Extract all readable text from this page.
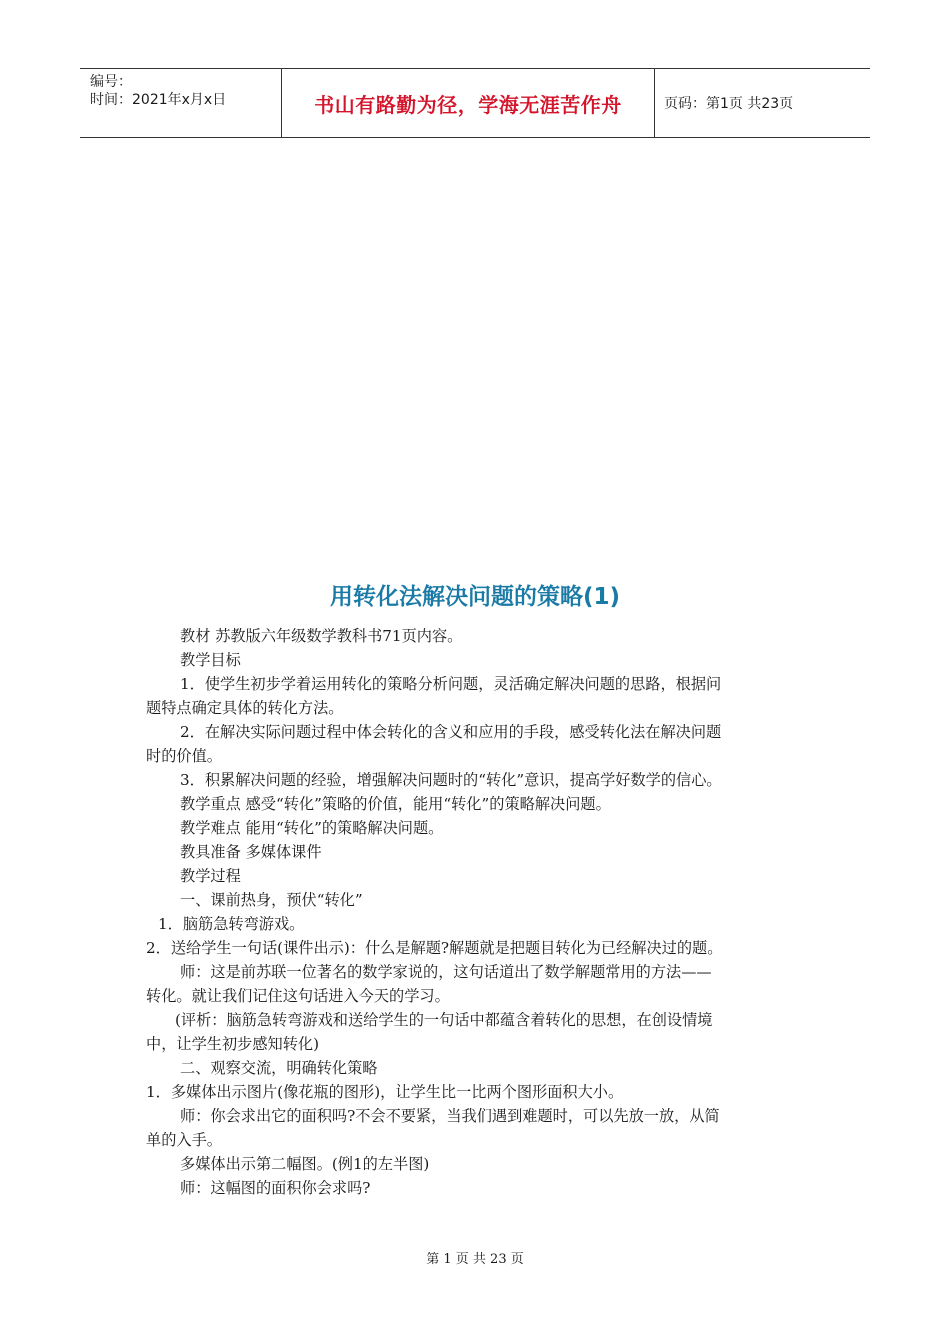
编号：
时间：2021年x月x日	书山有路勤为径，学海无涯苦作舟	页码：第1页 共23页
用转化法解决问题的策略(1)
教材 苏教版六年级数学教科书71页内容。
教学目标
1．使学生初步学着运用转化的策略分析问题，灵活确定解决问题的思路，根据问
题特点确定具体的转化方法。
2．在解决实际问题过程中体会转化的含义和应用的手段，感受转化法在解决问题
时的价值。
3．积累解决问题的经验，增强解决问题时的“转化”意识，提高学好数学的信心。
教学重点 感受“转化”策略的价值，能用“转化”的策略解决问题。
教学难点 能用“转化”的策略解决问题。
教具准备 多媒体课件
教学过程
一、课前热身，预伏“转化”
1．脑筋急转弯游戏。
2．送给学生一句话(课件出示)：什么是解题?解题就是把题目转化为已经解决过的题。
师：这是前苏联一位著名的数学家说的，这句话道出了数学解题常用的方法——
转化。就让我们记住这句话进入今天的学习。
(评析：脑筋急转弯游戏和送给学生的一句话中都蕴含着转化的思想，在创设情境
中，让学生初步感知转化)
二、观察交流，明确转化策略
1．多媒体出示图片(像花瓶的图形)，让学生比一比两个图形面积大小。
师：你会求出它的面积吗?不会不要紧，当我们遇到难题时，可以先放一放，从简
单的入手。
多媒体出示第二幅图。(例1的左半图)
师：这幅图的面积你会求吗?
第 1 页 共 23 页
